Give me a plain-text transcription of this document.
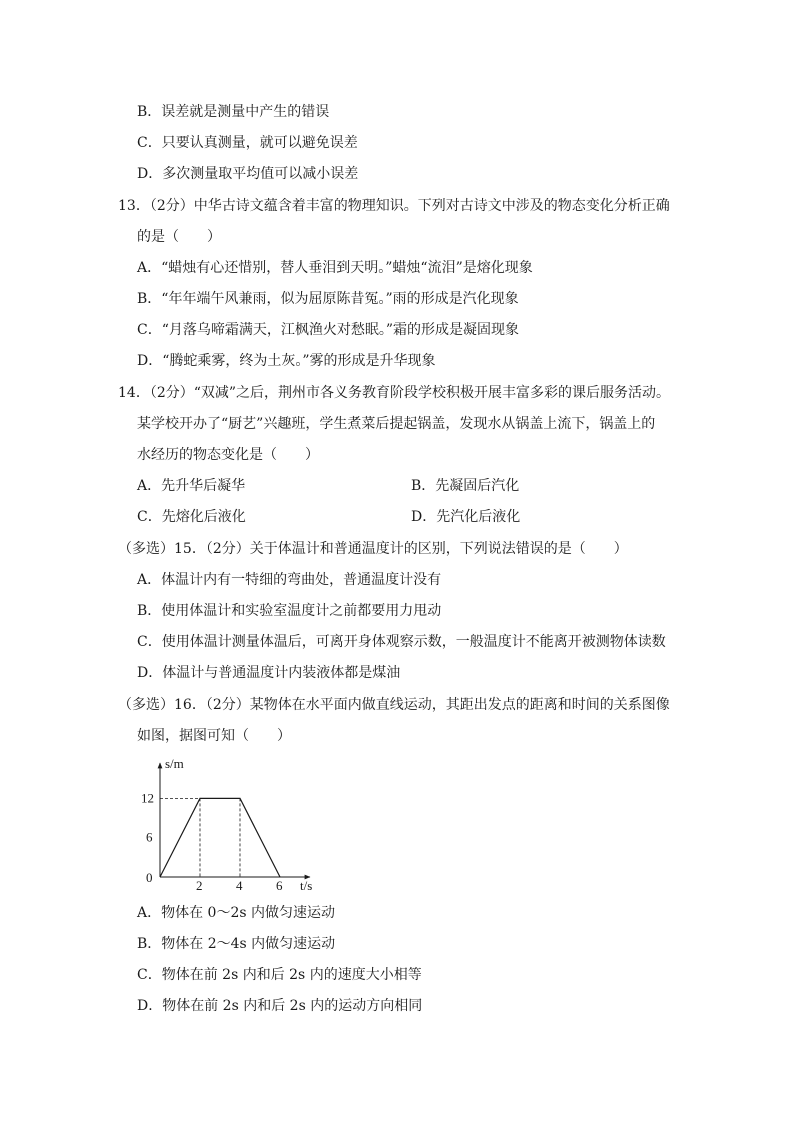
B．误差就是测量中产生的错误
C．只要认真测量，就可以避免误差
D．多次测量取平均值可以减小误差
13．（2分）中华古诗文蕴含着丰富的物理知识。下列对古诗文中涉及的物态变化分析正确
的是（　　）
A．“蜡烛有心还惜别，替人垂泪到天明。”蜡烛“流泪”是熔化现象
B．“年年端午风兼雨，似为屈原陈昔冤。”雨的形成是汽化现象
C．“月落乌啼霜满天，江枫渔火对愁眠。”霜的形成是凝固现象
D．“腾蛇乘雾，终为土灰。”雾的形成是升华现象
14．（2分）“双减”之后，荆州市各义务教育阶段学校积极开展丰富多彩的课后服务活动。
某学校开办了“厨艺”兴趣班，学生煮菜后提起锅盖，发现水从锅盖上流下，锅盖上的
水经历的物态变化是（　　）
A．先升华后凝华	B．先凝固后汽化
C．先熔化后液化	D．先汽化后液化
（多选）15．（2分）关于体温计和普通温度计的区别，下列说法错误的是（　　）
A．体温计内有一特细的弯曲处，普通温度计没有
B．使用体温计和实验室温度计之前都要用力甩动
C．使用体温计测量体温后，可离开身体观察示数，一般温度计不能离开被测物体读数
D．体温计与普通温度计内装液体都是煤油
（多选）16．（2分）某物体在水平面内做直线运动，其距出发点的距离和时间的关系图像
如图，据图可知（　　）
s/m
t/s
0
2	4	6
6
12
A．物体在 0～2s 内做匀速运动
B．物体在 2～4s 内做匀速运动
C．物体在前 2s 内和后 2s 内的速度大小相等
D．物体在前 2s 内和后 2s 内的运动方向相同
